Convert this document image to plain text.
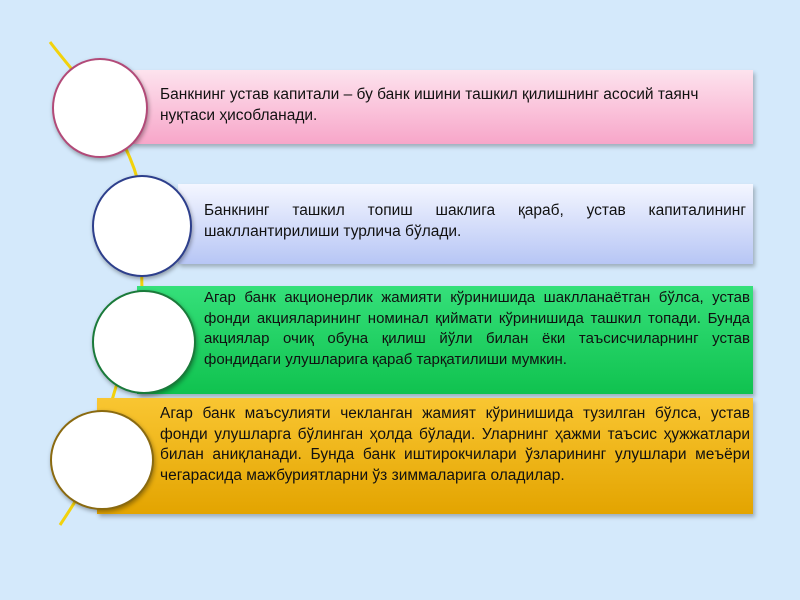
Банкнинг устав капитали – бу банк ишини ташкил қилишнинг асосий таянч нуқтаси ҳисобланади.
Банкнинг ташкил топиш шаклига қараб, устав капиталининг шакллантирилиши турлича бўлади.
Агар банк акционерлик жамияти кўринишида шаклланаётган бўлса, устав фонди акцияларининг номинал қиймати кўринишида ташкил топади. Бунда акциялар очиқ обуна қилиш йўли билан ёки таъсисчиларнинг устав фондидаги улушларига қараб тарқатилиши мумкин.
Агар банк маъсулияти чекланган жамият кўринишида тузилган бўлса, устав фонди улушларга бўлинган ҳолда бўлади. Уларнинг ҳажми таъсис ҳужжатлари билан аниқланади. Бунда банк иштирокчилари ўзларининг улушлари меъёри чегарасида мажбуриятларни ўз зиммаларига оладилар.
